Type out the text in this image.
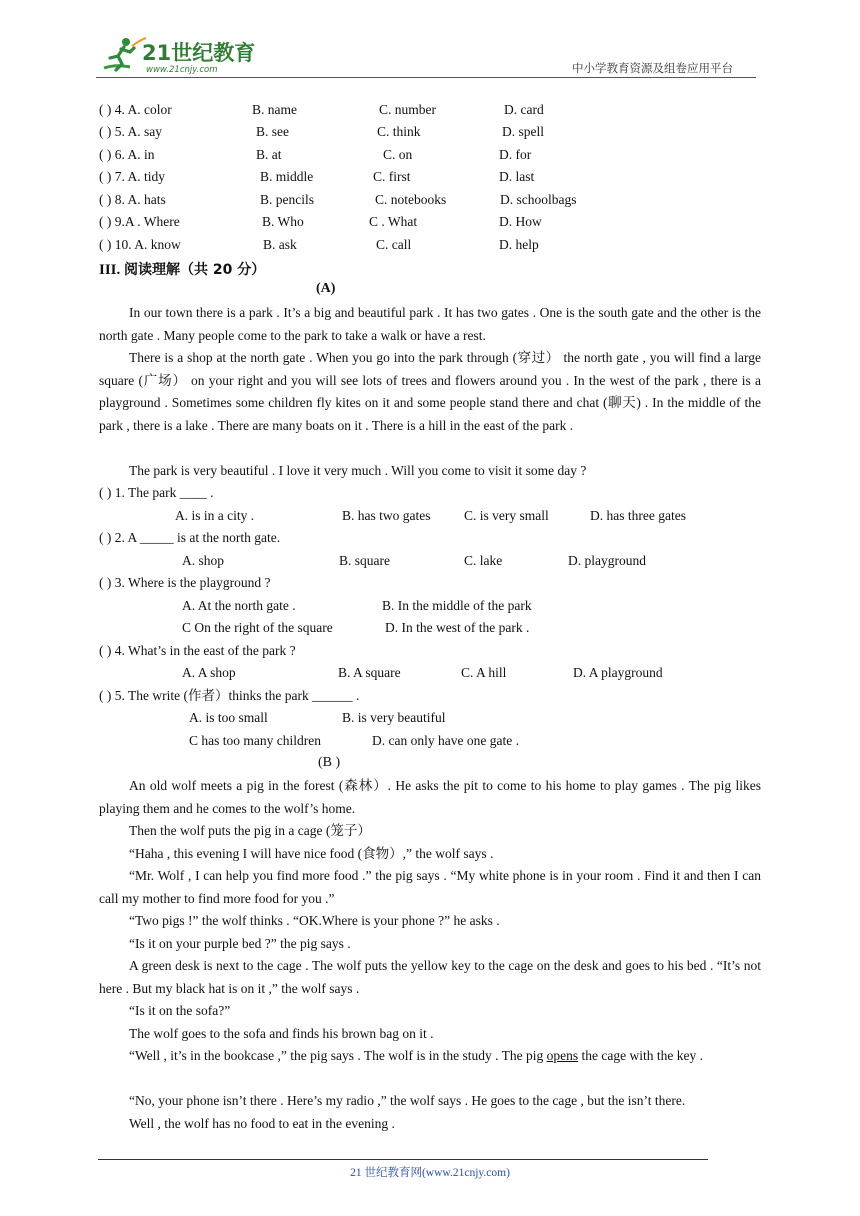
21世纪教育
www.21cnjy.com	中小学教育资源及组卷应用平台
( ) 4. A. color	B. name	C. number	D. card
( ) 5. A. say	B. see	C. think	D. spell
( ) 6. A. in	B. at	C. on	D. for
( ) 7. A. tidy	B. middle	C. first	D. last
( ) 8. A. hats	B. pencils	C. notebooks	D. schoolbags
( ) 9.A . Where	B. Who	C . What	D. How
( ) 10. A. know	B. ask	C. call	D. help
III. 阅读理解（共 20 分）
(A)
In our town there is a park . It’s a big and beautiful park . It has two gates . One is the south gate and the other is the north gate . Many people come to the park to take a walk or have a rest.
There is a shop at the north gate . When you go into the park through (穿过） the north gate , you will find a large square (广场） on your right and you will see lots of trees and flowers around you . In the west of the park , there is a playground . Sometimes some children fly kites on it and some people stand there and chat (聊天) . In the middle of the park , there is a lake . There are many boats on it . There is a hill in the east of the park .
The park is very beautiful . I love it very much . Will you come to visit it some day ?
( ) 1. The park ____ .
A. is in a city .	B. has two gates C. is very small	D. has three gates
( ) 2. A _____ is at the north gate.
A. shop	B. square	C. lake	D. playground
( ) 3. Where is the playground ?
A. At the north gate .	B. In the middle of the park
C On the right of the square	D. In the west of the park .
( ) 4. What’s in the east of the park ?
A. A shop	B. A square	C. A hill	D. A playground
( ) 5. The write (作者）thinks the park ______ .
A. is too small	B. is very beautiful
C has too many children	D. can only have one gate .
(B )
An old wolf meets a pig in the forest (森林）. He asks the pit to come to his home to play games . The pig likes playing them and he comes to the wolf’s home.
Then the wolf puts the pig in a cage (笼子）
“Haha , this evening I will have nice food (食物）,” the wolf says .
“Mr. Wolf , I can help you find more food .” the pig says . “My white phone is in your room . Find it and then I can call my mother to find more food for you .”
“Two pigs !” the wolf thinks . “OK.Where is your phone ?” he asks .
“Is it on your purple bed ?” the pig says .
A green desk is next to the cage . The wolf puts the yellow key to the cage on the desk and goes to his bed . “It’s not here . But my black hat is on it ,” the wolf says .
“Is it on the sofa?”
The wolf goes to the sofa and finds his brown bag on it .
“Well , it’s in the bookcase ,” the pig says . The wolf is in the study . The pig opens the cage with the key .
“No, your phone isn’t there . Here’s my radio ,” the wolf says . He goes to the cage , but the isn’t there.
Well , the wolf has no food to eat in the evening .
21 世纪教育网(www.21cnjy.com)
